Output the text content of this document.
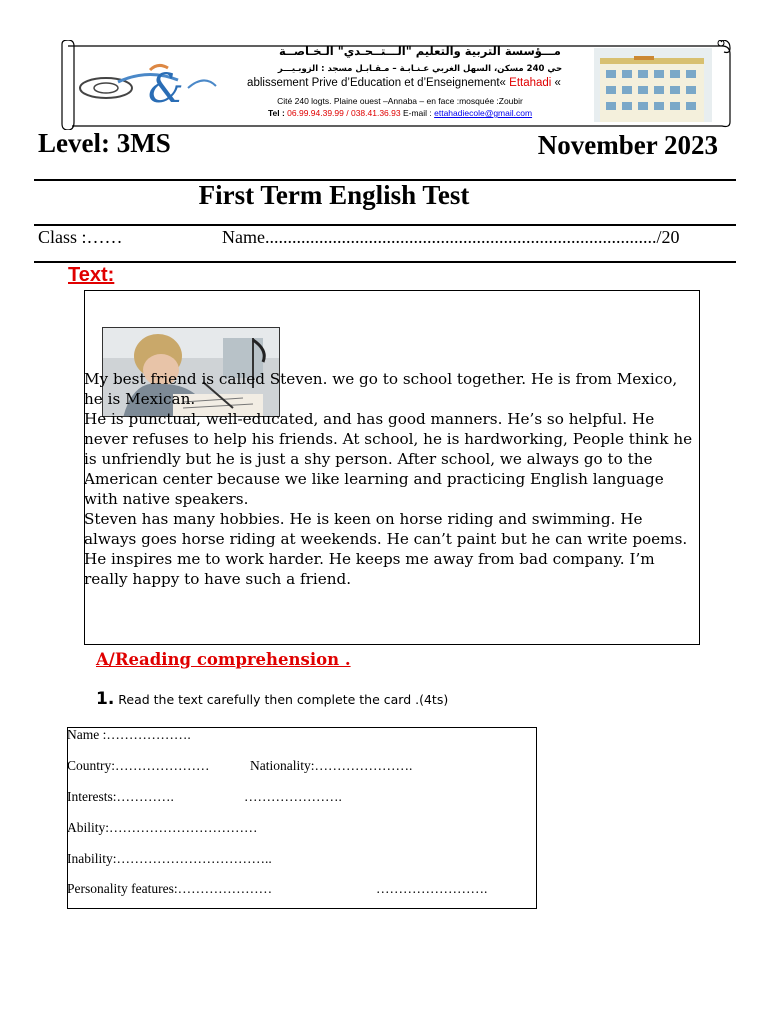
&
مـــؤسسة التربية والتعليم "الـــتــحـدي" الـخـاصــة
حي 240 مسكن، السهل الغربي عـنـابـة – مـقـابـل مسجد : الزوبـيـــر
ablissement Prive d’Education et d’Enseignement« Ettahadi «
Cité 240 logts. Plaine ouest –Annaba – en face :mosquée :Zoubir
Tel : 06.99.94.39.99 / 038.41.36.93 E-mail : ettahadiecole@gmail.com
Level: 3MS	November 2023
First Term English Test
Class :……	Name......................................................................................./20
Text:

My best friend is called Steven. we go to school together. He is from Mexico, he is Mexican.

He is punctual, well-educated, and has good manners. He’s so helpful. He never refuses to help his friends. At school, he is hardworking, People think he is unfriendly but he is just a shy person. After school, we always go to the American center because we like learning and practicing English language with native speakers.

Steven has many hobbies. He is keen on horse riding and swimming. He always goes horse riding at weekends. He can’t paint but he can write poems. He inspires me to work harder. He keeps me away from bad company. I’m really happy to have such a friend.

A/Reading comprehension .
1. Read the text carefully then complete the card .(4ts)
Name :……………….
Country:…………………	Nationality:………………….
Interests:………….	………………….
Ability:……………………………
Inability:……………………………..
Personality features:…………………	…………………….
